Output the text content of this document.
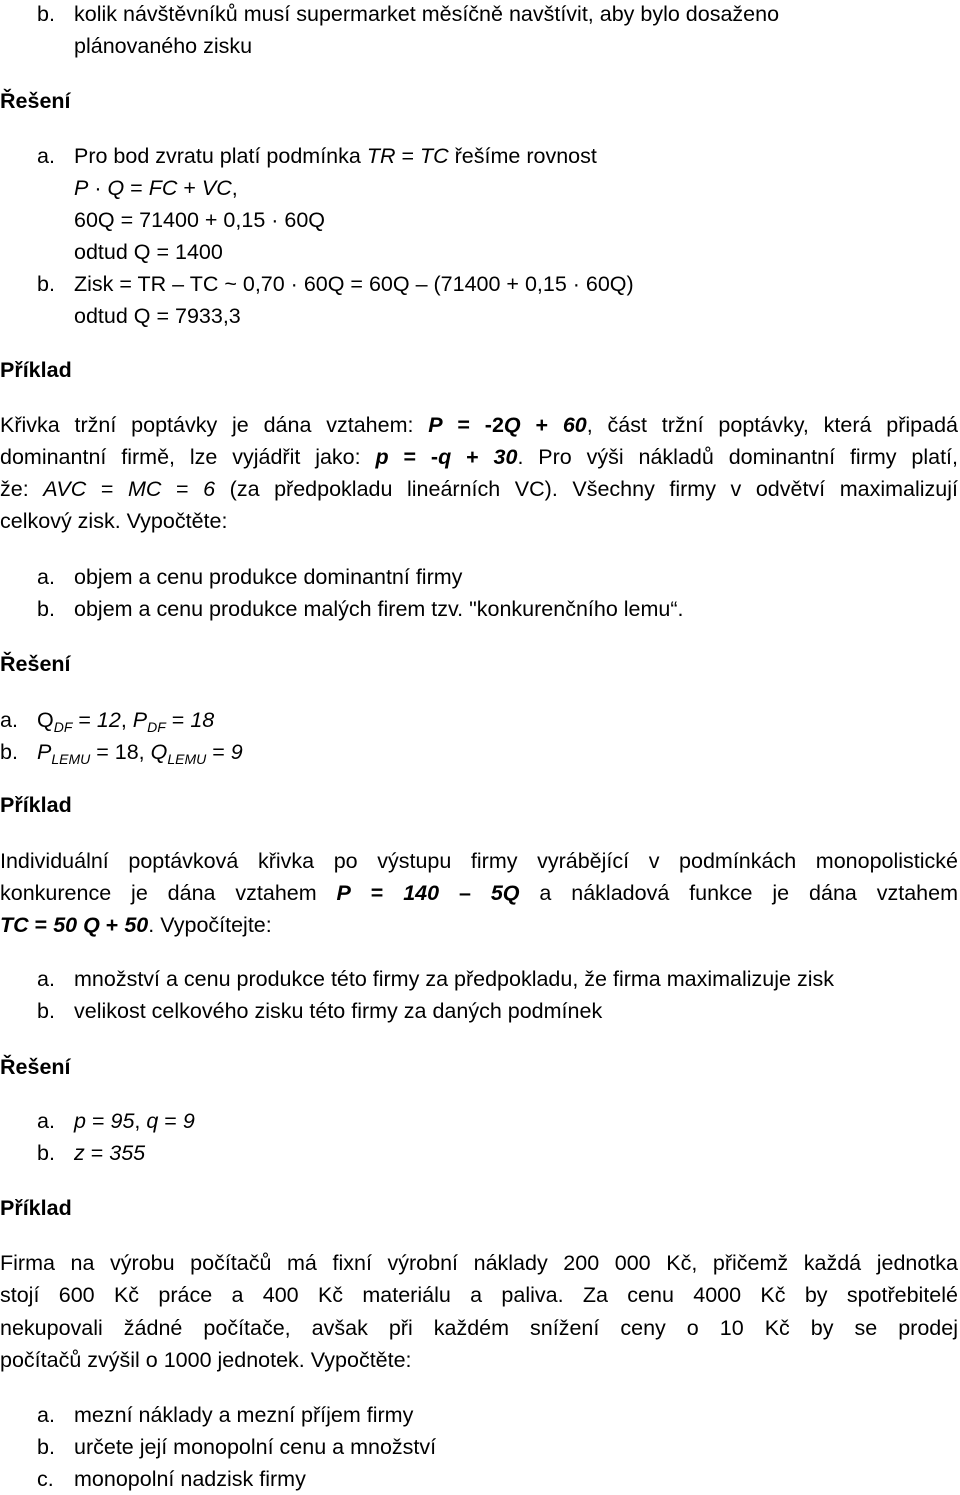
b. kolik návštěvníků musí supermarket měsíčně navštívit, aby bylo dosaženo
plánovaného zisku
Řešení
a. Pro bod zvratu platí podmínka TR = TC řešíme rovnost
P · Q = FC + VC,
60Q = 71400 + 0,15 · 60Q
odtud Q = 1400
b. Zisk = TR – TC ~ 0,70 · 60Q = 60Q – (71400 + 0,15 · 60Q)
odtud Q = 7933,3
Příklad
Křivka tržní poptávky je dána vztahem: P = -2Q + 60, část tržní poptávky, která připadá
dominantní firmě, lze vyjádřit jako: p = -q + 30. Pro výši nákladů dominantní firmy platí,
že: AVC = MC = 6 (za předpokladu lineárních VC). Všechny firmy v odvětví maximalizují
celkový zisk. Vypočtěte:
a. objem a cenu produkce dominantní firmy
b. objem a cenu produkce malých firem tzv. "konkurenčního lemu“.
Řešení
a. $Q_{DF} = 12$, $P_{DF} = 18$
b. $P_{LEMU} = 18$, $Q_{LEMU} = 9$
Příklad
Individuální poptávková křivka po výstupu firmy vyrábějící v podmínkách monopolistické
konkurence je dána vztahem P = 140 – 5Q a nákladová funkce je dána vztahem
TC = 50 Q + 50. Vypočítejte:
a. množství a cenu produkce této firmy za předpokladu, že firma maximalizuje zisk
b. velikost celkového zisku této firmy za daných podmínek
Řešení
a. p = 95, q = 9
b. z = 355
Příklad
Firma na výrobu počítačů má fixní výrobní náklady 200 000 Kč, přičemž každá jednotka
stojí 600 Kč práce a 400 Kč materiálu a paliva. Za cenu 4000 Kč by spotřebitelé
nekupovali žádné počítače, avšak při každém snížení ceny o 10 Kč by se prodej
počítačů zvýšil o 1000 jednotek. Vypočtěte:
a. mezní náklady a mezní příjem firmy
b. určete její monopolní cenu a množství
c. monopolní nadzisk firmy
